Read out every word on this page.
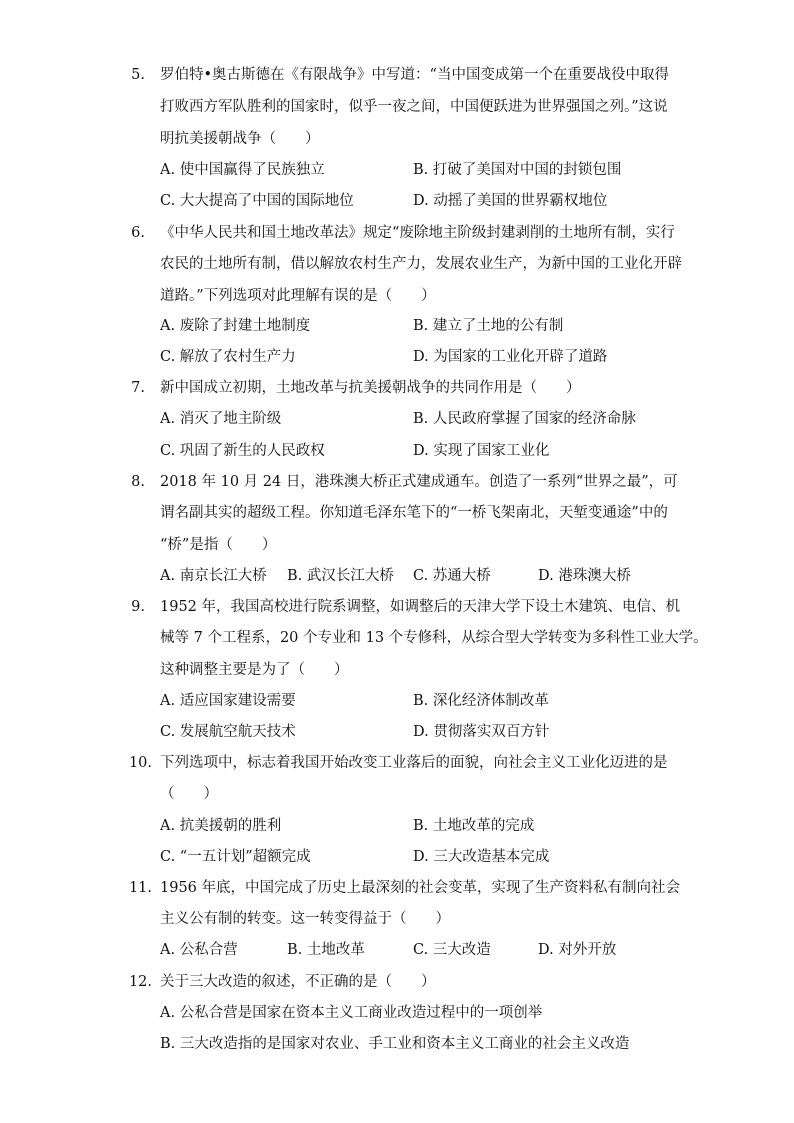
5. 罗伯特•奥古斯德在《有限战争》中写道：“当中国变成第一个在重要战役中取得
打败西方军队胜利的国家时，似乎一夜之间，中国便跃进为世界强国之列。”这说
明抗美援朝战争（　　）
A. 使中国赢得了民族独立	B. 打破了美国对中国的封锁包围
C. 大大提高了中国的国际地位	D. 动摇了美国的世界霸权地位
6. 《中华人民共和国土地改革法》规定“废除地主阶级封建剥削的土地所有制，实行
农民的土地所有制，借以解放农村生产力，发展农业生产，为新中国的工业化开辟
道路。”下列选项对此理解有误的是（　　）
A. 废除了封建土地制度	B. 建立了土地的公有制
C. 解放了农村生产力	D. 为国家的工业化开辟了道路
7. 新中国成立初期，土地改革与抗美援朝战争的共同作用是（　　）
A. 消灭了地主阶级	B. 人民政府掌握了国家的经济命脉
C. 巩固了新生的人民政权	D. 实现了国家工业化
8. 2018 年 10 月 24 日，港珠澳大桥正式建成通车。创造了一系列“世界之最”，可
谓名副其实的超级工程。你知道毛泽东笔下的“一桥飞架南北，天堑变通途”中的
“桥”是指（　　）
A. 南京长江大桥 B. 武汉长江大桥 C. 苏通大桥	D. 港珠澳大桥
9. 1952 年，我国高校进行院系调整，如调整后的天津大学下设土木建筑、电信、机
械等 7 个工程系，20 个专业和 13 个专修科，从综合型大学转变为多科性工业大学。
这种调整主要是为了（　　）
A. 适应国家建设需要	B. 深化经济体制改革
C. 发展航空航天技术	D. 贯彻落实双百方针
10. 下列选项中，标志着我国开始改变工业落后的面貌，向社会主义工业化迈进的是
（　　）
A. 抗美援朝的胜利	B. 土地改革的完成
C. “一五计划”超额完成	D. 三大改造基本完成
11. 1956 年底，中国完成了历史上最深刻的社会变革，实现了生产资料私有制向社会
主义公有制的转变。这一转变得益于（　　）
A. 公私合营	B. 土地改革	C. 三大改造	D. 对外开放
12. 关于三大改造的叙述，不正确的是（　　）
A. 公私合营是国家在资本主义工商业改造过程中的一项创举
B. 三大改造指的是国家对农业、手工业和资本主义工商业的社会主义改造
